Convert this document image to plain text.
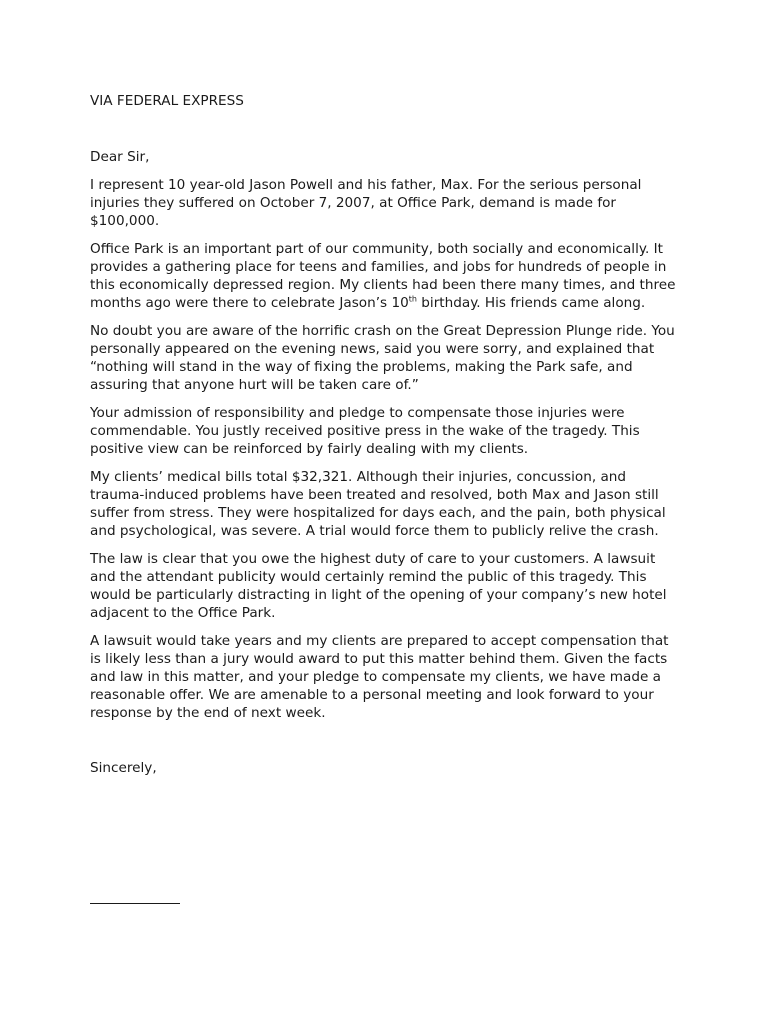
VIA FEDERAL EXPRESS

Dear Sir,

I represent 10 year-old Jason Powell and his father, Max. For the serious personal injuries they suffered on October 7, 2007, at Office Park, demand is made for $100,000.

Office Park is an important part of our community, both socially and economically. It provides a gathering place for teens and families, and jobs for hundreds of people in this economically depressed region. My clients had been there many times, and three months ago were there to celebrate Jason’s 10th birthday. His friends came along.

No doubt you are aware of the horrific crash on the Great Depression Plunge ride. You personally appeared on the evening news, said you were sorry, and explained that “nothing will stand in the way of fixing the problems, making the Park safe, and assuring that anyone hurt will be taken care of.”

Your admission of responsibility and pledge to compensate those injuries were commendable. You justly received positive press in the wake of the tragedy. This positive view can be reinforced by fairly dealing with my clients.

My clients’ medical bills total $32,321. Although their injuries, concussion, and trauma-induced problems have been treated and resolved, both Max and Jason still suffer from stress. They were hospitalized for days each, and the pain, both physical and psychological, was severe. A trial would force them to publicly relive the crash.

The law is clear that you owe the highest duty of care to your customers. A lawsuit and the attendant publicity would certainly remind the public of this tragedy. This would be particularly distracting in light of the opening of your company’s new hotel adjacent to the Office Park.

A lawsuit would take years and my clients are prepared to accept compensation that is likely less than a jury would award to put this matter behind them. Given the facts and law in this matter, and your pledge to compensate my clients, we have made a reasonable offer. We are amenable to a personal meeting and look forward to your response by the end of next week.

Sincerely,
